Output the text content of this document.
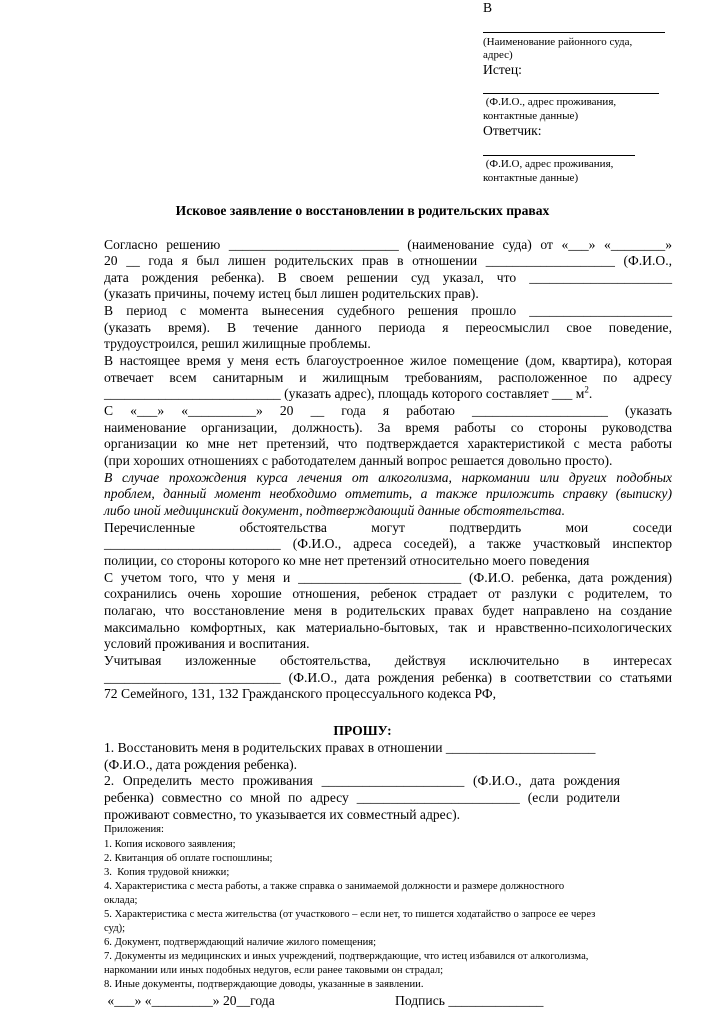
В
(Наименование районного суда,
адрес)
Истец:
(Ф.И.О., адрес проживания,
контактные данные)
Ответчик:
(Ф.И.О, адрес проживания,
контактные данные)
Исковое заявление о восстановлении в родительских правах
Согласно решению _________________________ (наименование суда) от «___» «________»
20 __ года я был лишен родительских прав в отношении ___________________ (Ф.И.О.,
дата рождения ребенка). В своем решении суд указал, что _____________________
(указать причины, почему истец был лишен родительских прав).
В период с момента вынесения судебного решения прошло _____________________
(указать время). В течение данного периода я переосмыслил свое поведение,
трудоустроился, решил жилищные проблемы.
В настоящее время у меня есть благоустроенное жилое помещение (дом, квартира), которая
отвечает всем санитарным и жилищным требованиям, расположенное по адресу
__________________________ (указать адрес), площадь которого составляет ___ $м^2$.
С «___» «__________» 20 __ года я работаю ____________________ (указать
наименование организации, должность). За время работы со стороны руководства
организации ко мне нет претензий, что подтверждается характеристикой с места работы
(при хороших отношениях с работодателем данный вопрос решается довольно просто).
В случае прохождения курса лечения от алкоголизма, наркомании или других подобных
проблем, данный момент необходимо отметить, а также приложить справку (выписку)
либо иной медицинский документ, подтверждающий данные обстоятельства.
Перечисленные обстоятельства могут подтвердить мои соседи
__________________________ (Ф.И.О., адреса соседей), а также участковый инспектор
полиции, со стороны которого ко мне нет претензий относительно моего поведения
С учетом того, что у меня и ________________________ (Ф.И.О. ребенка, дата рождения)
сохранились очень хорошие отношения, ребенок страдает от разлуки с родителем, то
полагаю, что восстановление меня в родительских правах будет направлено на создание
максимально комфортных, как материально-бытовых, так и нравственно-психологических
условий проживания и воспитания.
Учитывая изложенные обстоятельства, действуя исключительно в интересах
__________________________ (Ф.И.О., дата рождения ребенка) в соответствии со статьями
72 Семейного, 131, 132 Гражданского процессуального кодекса РФ,
ПРОШУ:
1. Восстановить меня в родительских правах в отношении ______________________
(Ф.И.О., дата рождения ребенка).
2. Определить место проживания _____________________ (Ф.И.О., дата рождения
ребенка) совместно со мной по адресу ________________________ (если родители
проживают совместно, то указывается их совместный адрес).
Приложения:
1. Копия искового заявления;
2. Квитанция об оплате госпошлины;
3.  Копия трудовой книжки;
4. Характеристика с места работы, а также справка о занимаемой должности и размере должностного
оклада;
5. Характеристика с места жительства (от участкового – если нет, то пишется ходатайство о запросе ее через
суд);
6. Документ, подтверждающий наличие жилого помещения;
7. Документы из медицинских и иных учреждений, подтверждающие, что истец избавился от алкоголизма,
наркомании или иных подобных недугов, если ранее таковыми он страдал;
8. Иные документы, подтверждающие доводы, указанные в заявлении.
«___» «_________» 20__года	Подпись ______________
